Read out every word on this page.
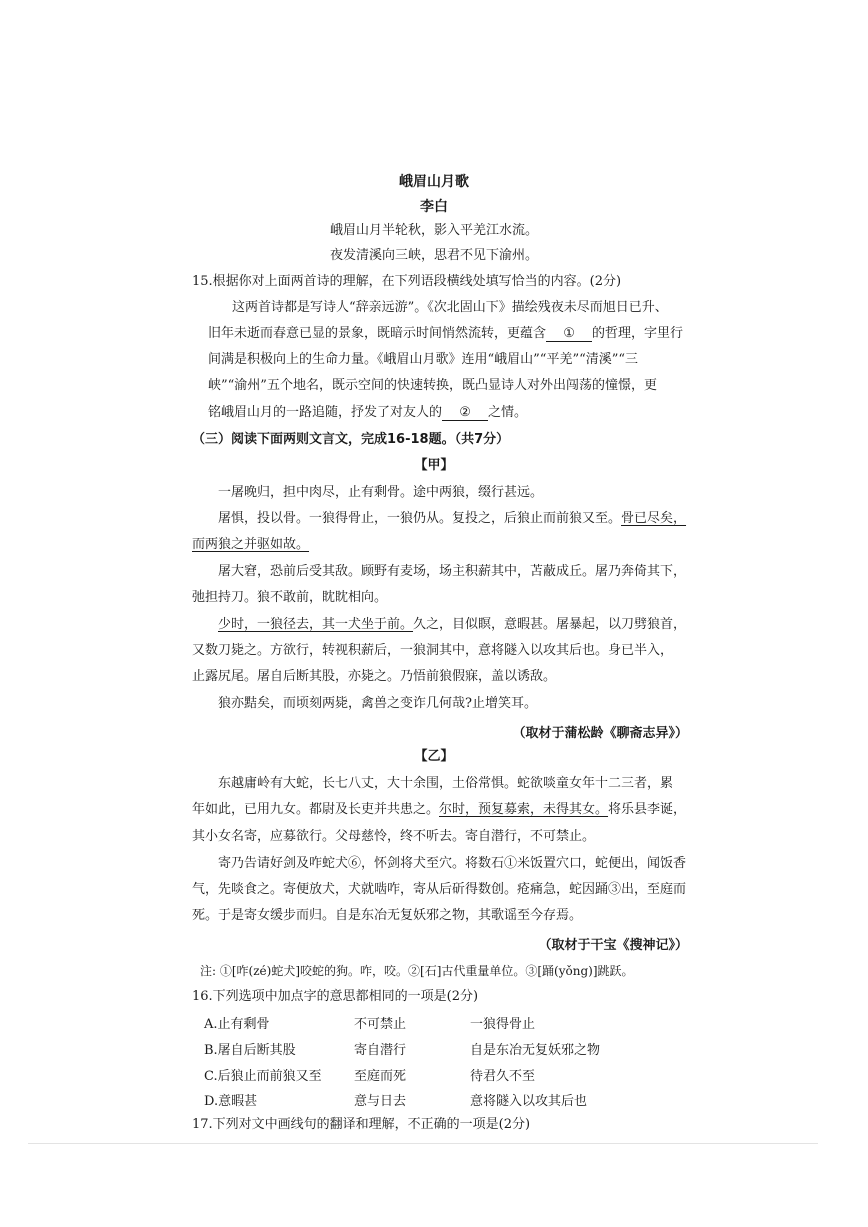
峨眉山月歌
李白
峨眉山月半轮秋，影入平羌江水流。
夜发清溪向三峡，思君不见下渝州。
15.根据你对上面两首诗的理解，在下列语段横线处填写恰当的内容。(2分)
这两首诗都是写诗人“辞亲远游”。《次北固山下》描绘残夜未尽而旭日已升、
旧年未逝而春意已显的景象，既暗示时间悄然流转，更蕴含 ① 的哲理，字里行
间满是积极向上的生命力量。《峨眉山月歌》连用“峨眉山”“平羌”“清溪”“三
峡”“渝州”五个地名，既示空间的快速转换，既凸显诗人对外出闯荡的憧憬，更
铭峨眉山月的一路追随，抒发了对友人的 ② 之情。
（三）阅读下面两则文言文，完成16-18题。（共7分）
【甲】
一屠晚归，担中肉尽，止有剩骨。途中两狼，缀行甚远。
屠惧，投以骨。一狼得骨止，一狼仍从。复投之，后狼止而前狼又至。骨已尽矣，
而两狼之并驱如故。
屠大窘，恐前后受其敌。顾野有麦场，场主积薪其中，苫蔽成丘。屠乃奔倚其下，
弛担持刀。狼不敢前，眈眈相向。
少时，一狼径去，其一犬坐于前。久之，目似瞑，意暇甚。屠暴起，以刀劈狼首，
又数刀毙之。方欲行，转视积薪后，一狼洞其中，意将隧入以攻其后也。身已半入，
止露尻尾。屠自后断其股，亦毙之。乃悟前狼假寐，盖以诱敌。
狼亦黠矣，而顷刻两毙，禽兽之变诈几何哉?止增笑耳。
（取材于蒲松龄《聊斋志异》）
【乙】
东越庸岭有大蛇，长七八丈，大十余围，土俗常惧。蛇欲啖童女年十二三者，累
年如此，已用九女。都尉及长吏并共患之。尔时，预复募索，未得其女。将乐县李诞，
其小女名寄，应募欲行。父母慈怜，终不听去。寄自潜行，不可禁止。
寄乃告请好剑及咋蛇犬⑥，怀剑将犬至穴。将数石①米饭置穴口，蛇便出，闻饭香
气，先啖食之。寄便放犬，犬就啮咋，寄从后斫得数创。疮痛急，蛇因踊③出，至庭而
死。于是寄女缓步而归。自是东冶无复妖邪之物，其歌谣至今存焉。
（取材于干宝《搜神记》）
注: ①[咋(zé)蛇犬]咬蛇的狗。咋，咬。②[石]古代重量单位。③[踊(yǒng)]跳跃。
16.下列选项中加点字的意思都相同的一项是(2分)
A.止有剩骨	不可禁止	一狼得骨止
B.屠自后断其股	寄自潜行	自是东冶无复妖邪之物
C.后狼止而前狼又至 至庭而死	待君久不至
D.意暇甚	意与日去	意将隧入以攻其后也
17.下列对文中画线句的翻译和理解，不正确的一项是(2分)
